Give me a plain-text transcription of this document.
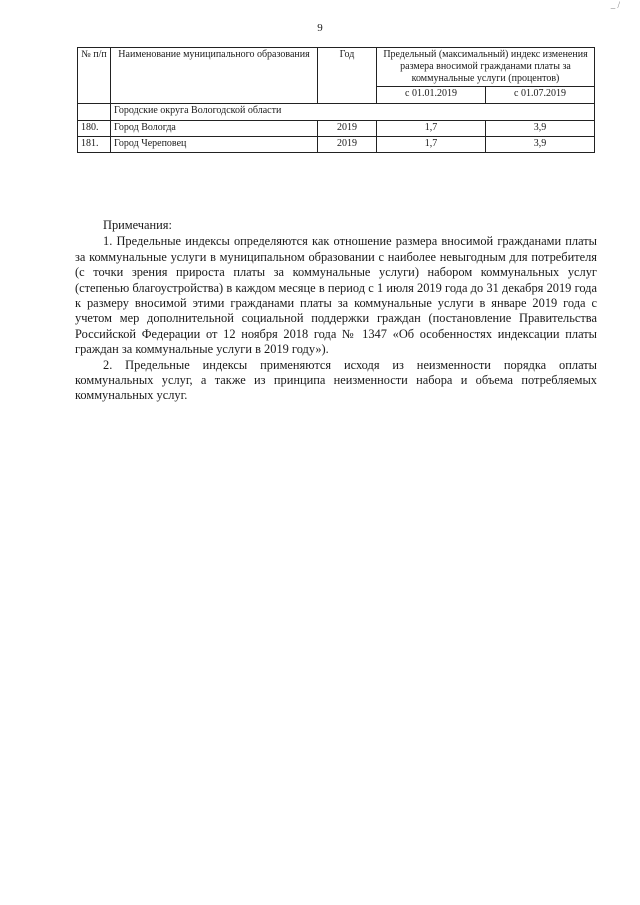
_ /
9
№ п/п	Наименование муниципального образования	Год	Предельный (максимальный) индекс изменения размера вносимой гражданами платы за коммунальные услуги (процентов)	
			с 01.01.2019	с 01.07.2019
	Городские округа Вологодской области			
180.	Город Вологда	2019	1,7	3,9
181.	Город Череповец	2019	1,7	3,9
Примечания:

1. Предельные индексы определяются как отношение размера вносимой гражданами платы за коммунальные услуги в муниципальном образовании с наиболее невыгодным для потребителя (с точки зрения прироста платы за коммунальные услуги) набором коммунальных услуг (степенью благоустройства) в каждом месяце в период с 1 июля 2019 года до 31 декабря 2019 года к размеру вносимой этими гражданами платы за коммунальные услуги в январе 2019 года с учетом мер дополнительной социальной поддержки граждан (постановление Правительства Российской Федерации от 12 ноября 2018 года № 1347 «Об особенностях индексации платы граждан за коммунальные услуги в 2019 году»).

2. Предельные индексы применяются исходя из неизменности порядка оплаты коммунальных услуг, а также из принципа неизменности набора и объема потребляемых коммунальных услуг.
